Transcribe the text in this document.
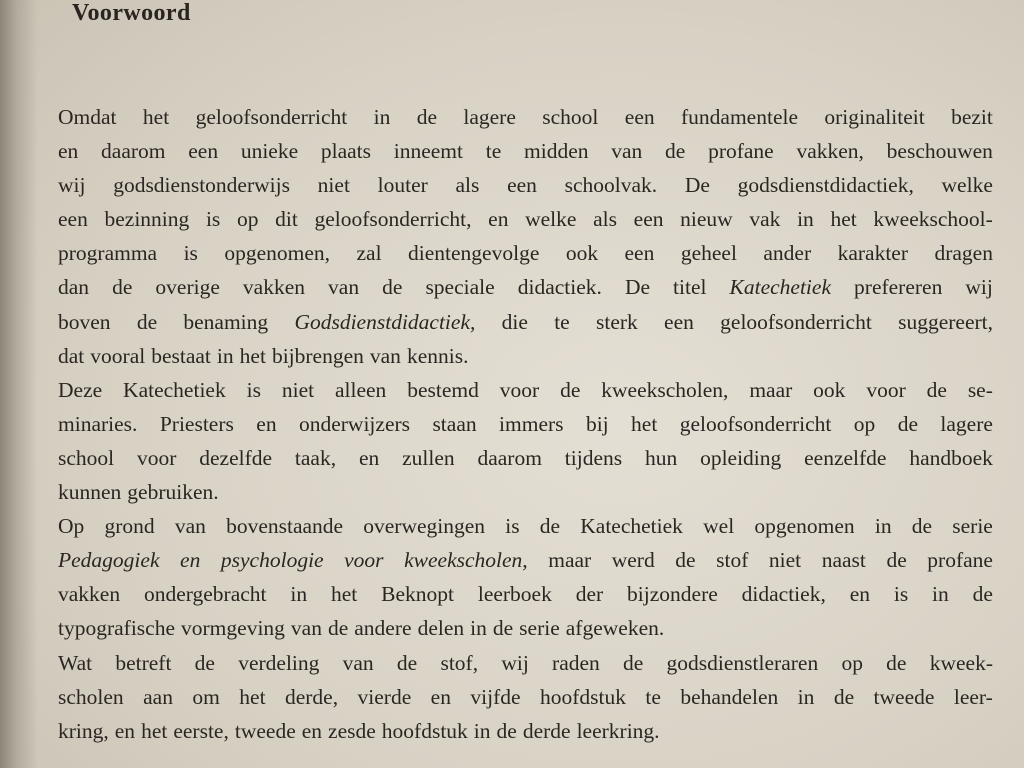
Voorwoord
Omdat het geloofsonderricht in de lagere school een fundamentele originaliteit bezit
en daarom een unieke plaats inneemt te midden van de profane vakken, beschouwen
wij godsdienstonderwijs niet louter als een schoolvak. De godsdienstdidactiek, welke
een bezinning is op dit geloofsonderricht, en welke als een nieuw vak in het kweekschool-
programma is opgenomen, zal dientengevolge ook een geheel ander karakter dragen
dan de overige vakken van de speciale didactiek. De titel Katechetiek prefereren wij
boven de benaming Godsdienstdidactiek, die te sterk een geloofsonderricht suggereert,
dat vooral bestaat in het bijbrengen van kennis.
Deze Katechetiek is niet alleen bestemd voor de kweekscholen, maar ook voor de se-
minaries. Priesters en onderwijzers staan immers bij het geloofsonderricht op de lagere
school voor dezelfde taak, en zullen daarom tijdens hun opleiding eenzelfde handboek
kunnen gebruiken.
Op grond van bovenstaande overwegingen is de Katechetiek wel opgenomen in de serie
Pedagogiek en psychologie voor kweekscholen, maar werd de stof niet naast de profane
vakken ondergebracht in het Beknopt leerboek der bijzondere didactiek, en is in de
typografische vormgeving van de andere delen in de serie afgeweken.
Wat betreft de verdeling van de stof, wij raden de godsdienstleraren op de kweek-
scholen aan om het derde, vierde en vijfde hoofdstuk te behandelen in de tweede leer-
kring, en het eerste, tweede en zesde hoofdstuk in de derde leerkring.
